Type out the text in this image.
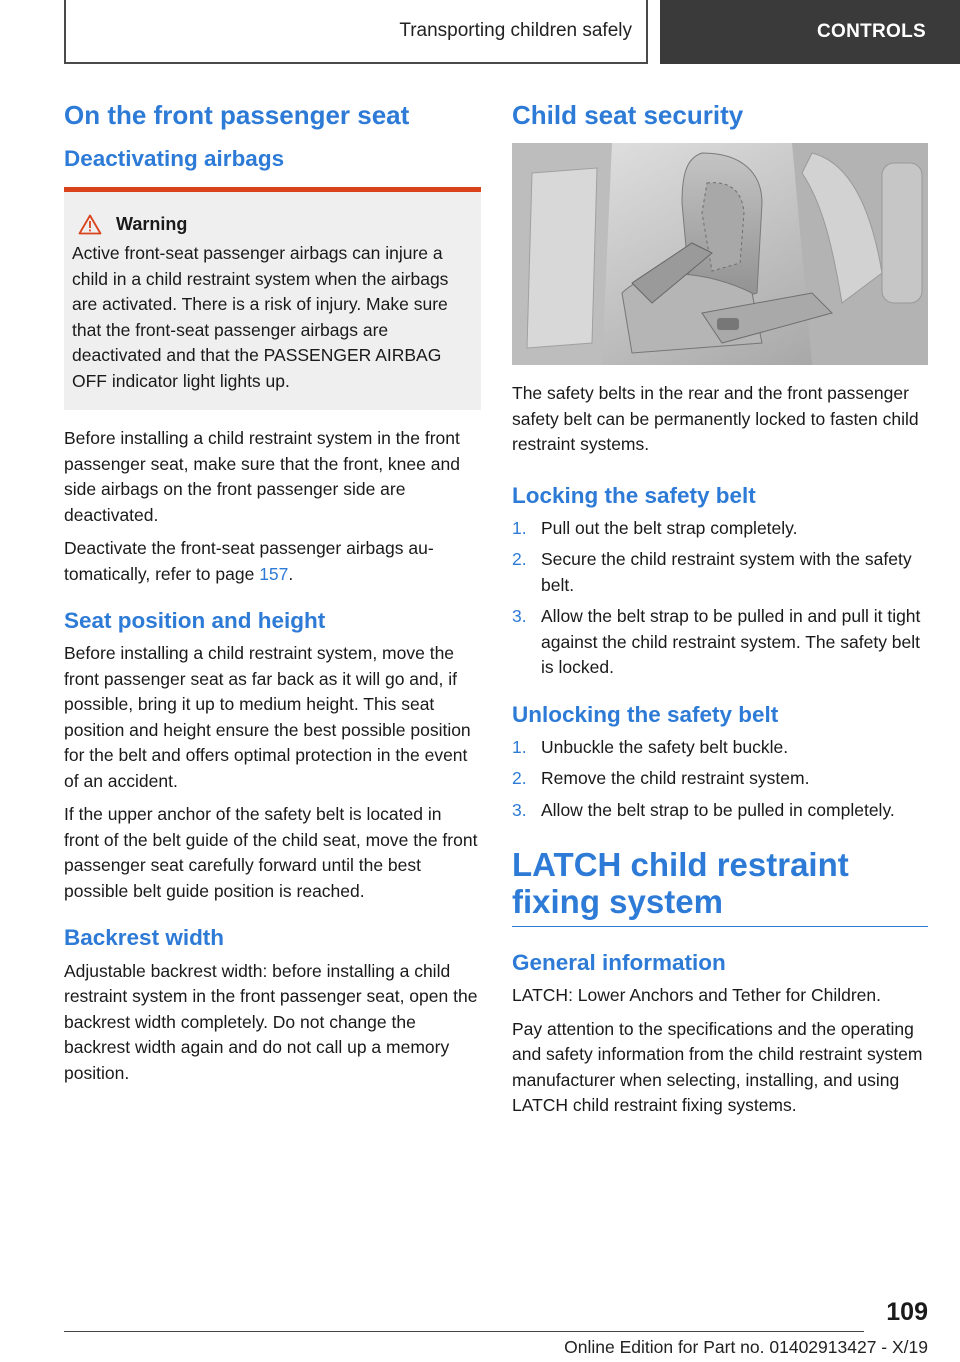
Transporting children safely	CONTROLS
On the front passenger seat
Deactivating airbags
Warning

Active front-seat passenger airbags can injure a child in a child restraint system when the airbags are activated. There is a risk of injury. Make sure that the front-seat passenger airbags are deactivated and that the PASSENGER AIRBAG OFF indicator light lights up.

Before installing a child restraint system in the front passenger seat, make sure that the front, knee and side airbags on the front passenger side are deactivated.

Deactivate the front-seat passenger airbags automatically, refer to page 157.

Seat position and height

Before installing a child restraint system, move the front passenger seat as far back as it will go and, if possible, bring it up to medium height. This seat position and height ensure the best possible position for the belt and offers optimal protection in the event of an accident.

If the upper anchor of the safety belt is located in front of the belt guide of the child seat, move the front passenger seat carefully forward until the best possible belt guide position is reached.

Backrest width

Adjustable backrest width: before installing a child restraint system in the front passenger seat, open the backrest width completely. Do not change the backrest width again and do not call up a memory position.

Child seat security

The safety belts in the rear and the front passenger safety belt can be permanently locked to fasten child restraint systems.

Locking the safety belt
1. Pull out the belt strap completely.
2. Secure the child restraint system with the safety belt.
3. Allow the belt strap to be pulled in and pull it tight against the child restraint system. The safety belt is locked.
Unlocking the safety belt
1. Unbuckle the safety belt buckle.
2. Remove the child restraint system.
3. Allow the belt strap to be pulled in completely.
LATCH child restraint fixing system
General information

LATCH: Lower Anchors and Tether for Children.

Pay attention to the specifications and the operating and safety information from the child restraint system manufacturer when selecting, installing, and using LATCH child restraint fixing systems.

109
Online Edition for Part no. 01402913427 - X/19
